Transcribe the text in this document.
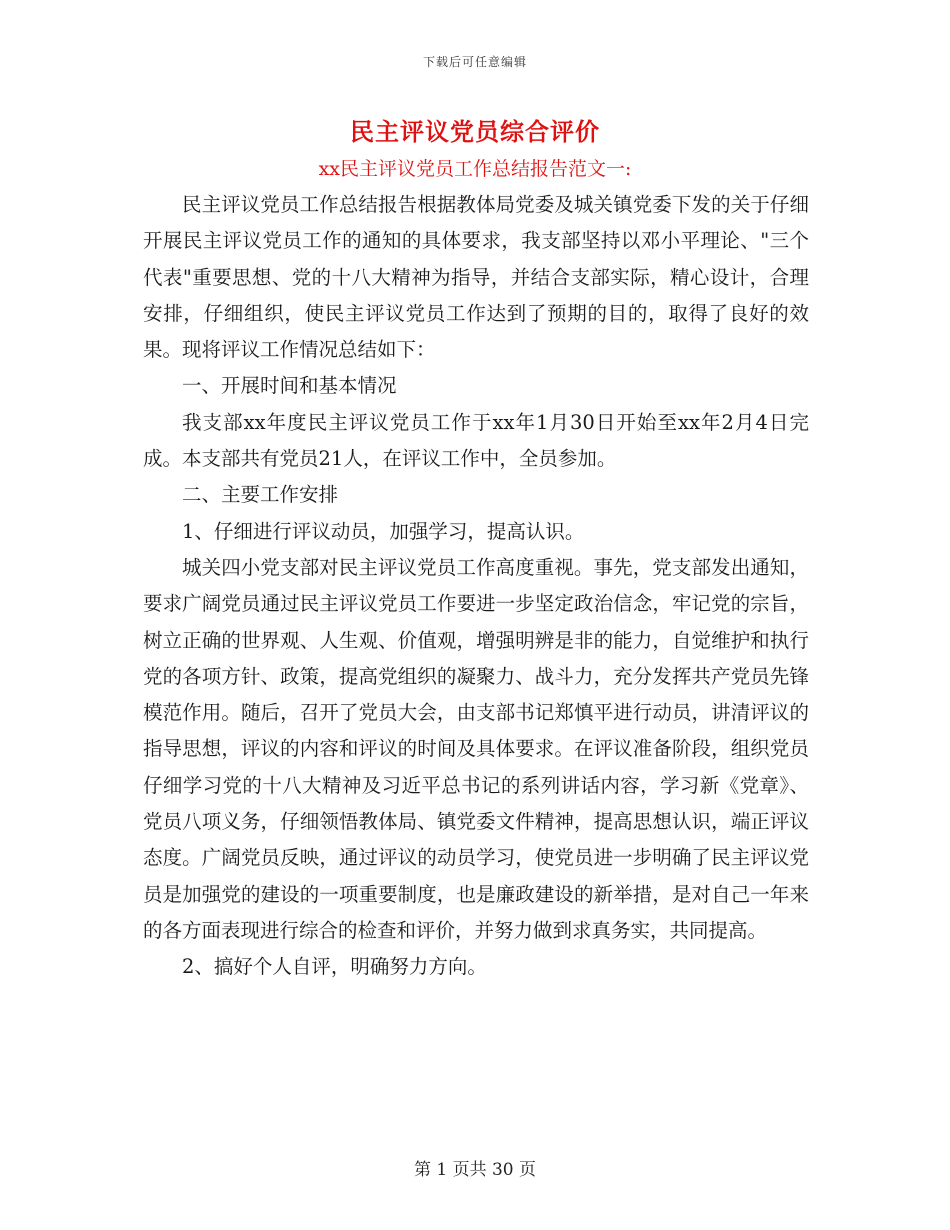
下载后可任意编辑
民主评议党员综合评价
xx民主评议党员工作总结报告范文一:

民主评议党员工作总结报告根据教体局党委及城关镇党委下发的关于仔细开展民主评议党员工作的通知的具体要求，我支部坚持以邓小平理论、"三个代表"重要思想、党的十八大精神为指导，并结合支部实际，精心设计，合理安排，仔细组织，使民主评议党员工作达到了预期的目的，取得了良好的效果。现将评议工作情况总结如下：

一、开展时间和基本情况

我支部xx年度民主评议党员工作于xx年1月30日开始至xx年2月4日完成。本支部共有党员21人，在评议工作中，全员参加。

二、主要工作安排

1、仔细进行评议动员，加强学习，提高认识。

城关四小党支部对民主评议党员工作高度重视。事先，党支部发出通知，要求广阔党员通过民主评议党员工作要进一步坚定政治信念，牢记党的宗旨，树立正确的世界观、人生观、价值观，增强明辨是非的能力，自觉维护和执行党的各项方针、政策，提高党组织的凝聚力、战斗力，充分发挥共产党员先锋模范作用。随后，召开了党员大会，由支部书记郑慎平进行动员，讲清评议的指导思想，评议的内容和评议的时间及具体要求。在评议准备阶段，组织党员仔细学习党的十八大精神及习近平总书记的系列讲话内容，学习新《党章》、党员八项义务，仔细领悟教体局、镇党委文件精神，提高思想认识，端正评议态度。广阔党员反映，通过评议的动员学习，使党员进一步明确了民主评议党员是加强党的建设的一项重要制度，也是廉政建设的新举措，是对自己一年来的各方面表现进行综合的检查和评价，并努力做到求真务实，共同提高。

2、搞好个人自评，明确努力方向。

第 1 页共 30 页
